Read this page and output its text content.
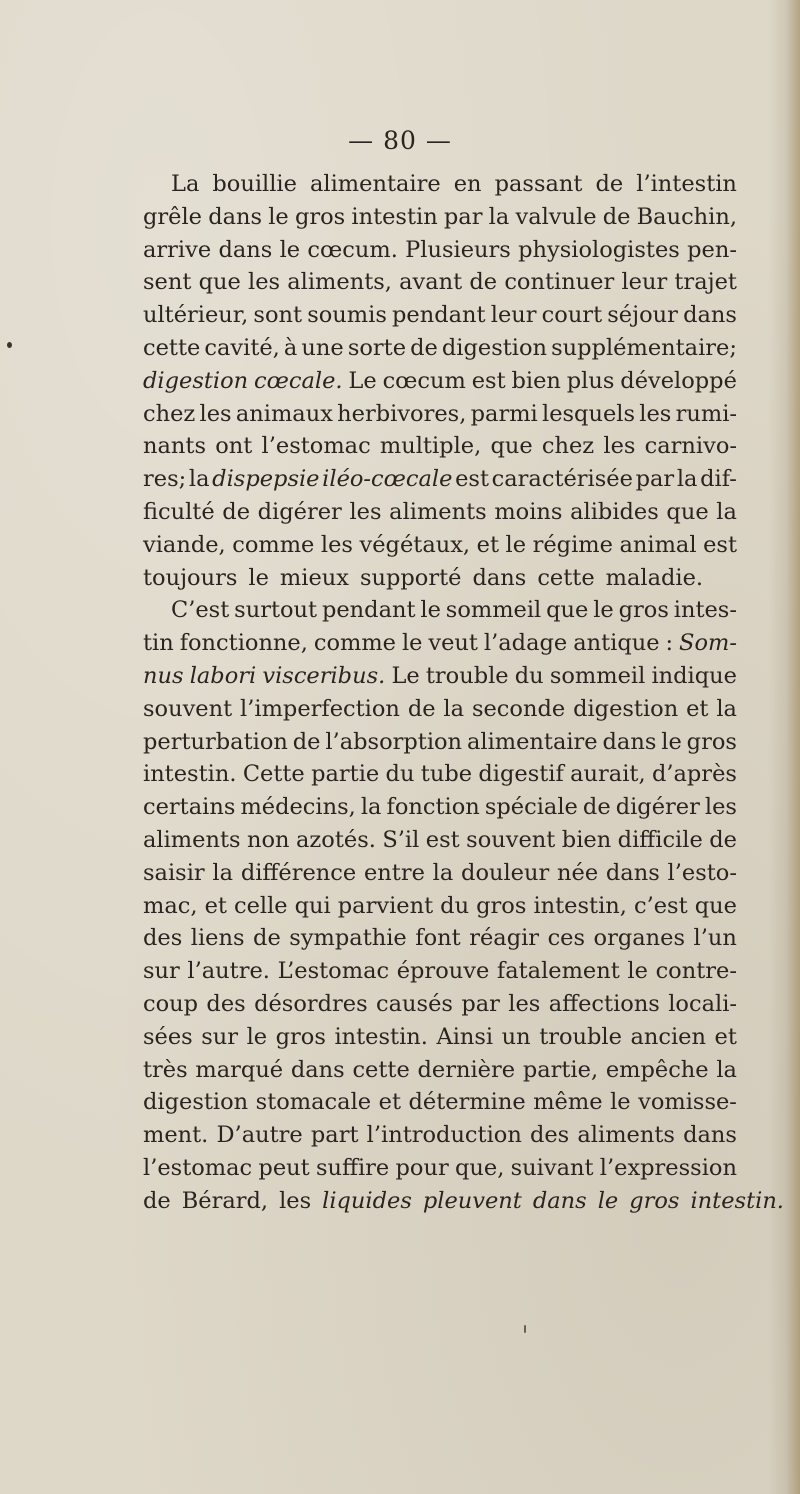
— 80 —
La bouillie alimentaire en passant de l’intestin
grêle dans le gros intestin par la valvule de Bauchin,
arrive dans le cœcum. Plusieurs physiologistes pen-
sent que les aliments, avant de continuer leur trajet
ultérieur, sont soumis pendant leur court séjour dans
cette cavité, à une sorte de digestion supplémentaire;
digestion cœcale. Le cœcum est bien plus développé
chez les animaux herbivores, parmi lesquels les rumi-
nants ont l’estomac multiple, que chez les carnivo-
res; la dispepsie iléo-cœcale est caractérisée par la dif-
ficulté de digérer les aliments moins alibides que la
viande, comme les végétaux, et le régime animal est
toujours le mieux supporté dans cette maladie.
C’est surtout pendant le sommeil que le gros intes-
tin fonctionne, comme le veut l’adage antique : Som-
nus labori visceribus. Le trouble du sommeil indique
souvent l’imperfection de la seconde digestion et la
perturbation de l’absorption alimentaire dans le gros
intestin. Cette partie du tube digestif aurait, d’après
certains médecins, la fonction spéciale de digérer les
aliments non azotés. S’il est souvent bien difficile de
saisir la différence entre la douleur née dans l’esto-
mac, et celle qui parvient du gros intestin, c’est que
des liens de sympathie font réagir ces organes l’un
sur l’autre. L’estomac éprouve fatalement le contre-
coup des désordres causés par les affections locali-
sées sur le gros intestin. Ainsi un trouble ancien et
très marqué dans cette dernière partie, empêche la
digestion stomacale et détermine même le vomisse-
ment. D’autre part l’introduction des aliments dans
l’estomac peut suffire pour que, suivant l’expression
de Bérard, les liquides pleuvent dans le gros intestin.
